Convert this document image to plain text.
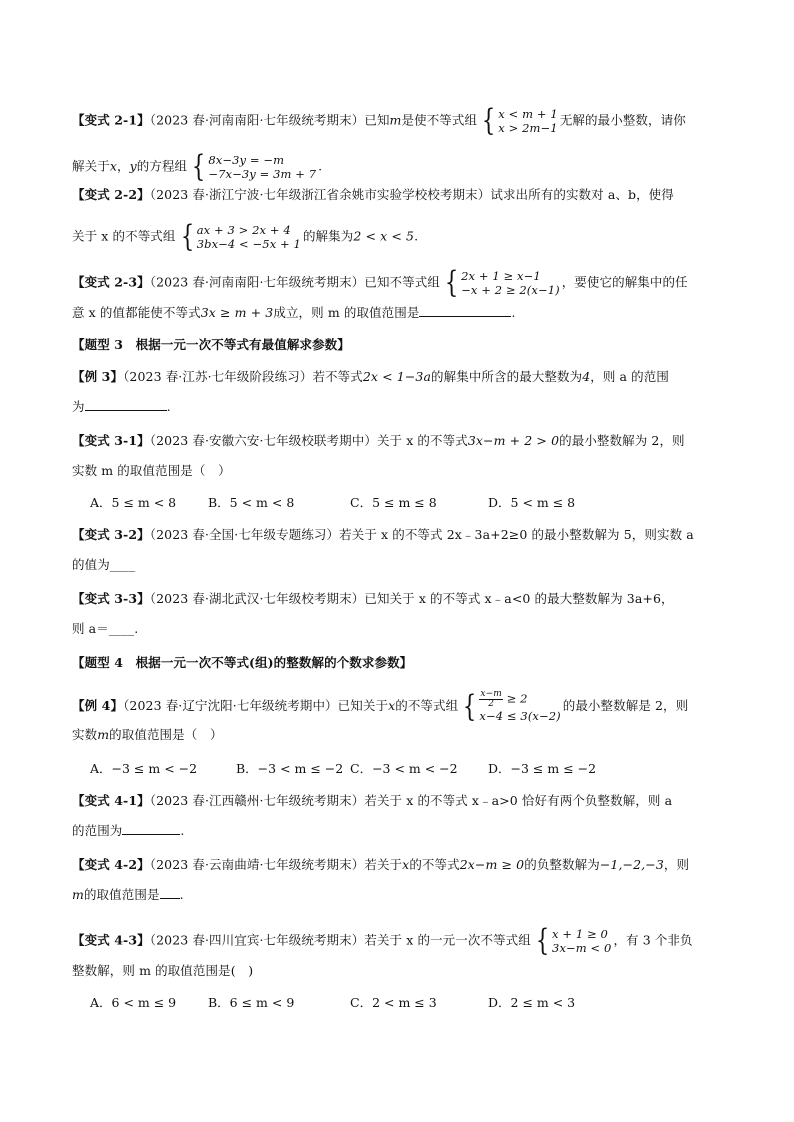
【变式 2-1】（2023 春·河南南阳·七年级统考期末）已知m是使不等式组 { x < m + 1
x > 2m−1
无解的最小整数，请你
解关于x，y的方程组 { 8x−3y = −m
−7x−3y = 3m + 7
.
【变式 2-2】（2023 春·浙江宁波·七年级浙江省余姚市实验学校校考期末）试求出所有的实数对 a、b，使得
关于 x 的不等式组 { ax + 3 > 2x + 4
3bx−4 < −5x + 1
的解集为2 < x < 5.
【变式 2-3】（2023 春·河南南阳·七年级统考期末）已知不等式组 { 2x + 1 ≥ x−1
−x + 2 ≥ 2(x−1)
，要使它的解集中的任
意 x 的值都能使不等式3x ≥ m + 3成立，则 m 的取值范围是	.
【题型 3　根据一元一次不等式有最值解求参数】
【例 3】（2023 春·江苏·七年级阶段练习）若不等式2x < 1−3a的解集中所含的最大整数为4，则 a 的范围
为	.
【变式 3-1】（2023 春·安徽六安·七年级校联考期中）关于 x 的不等式3x−m + 2 > 0的最小整数解为 2，则
实数 m 的取值范围是（　）
A．5 ≤ m < 8	B．5 < m < 8	C．5 ≤ m ≤ 8	D．5 < m ≤ 8
【变式 3-2】（2023 春·全国·七年级专题练习）若关于 x 的不等式 2x﹣3a+2≥0 的最小整数解为 5，则实数 a
的值为____
【变式 3-3】（2023 春·湖北武汉·七年级校考期末）已知关于 x 的不等式 x﹣a<0 的最大整数解为 3a+6，
则 a＝____.
【题型 4　根据一元一次不等式(组)的整数解的个数求参数】
【例 4】（2023 春·辽宁沈阳·七年级统考期中）已知关于x的不等式组 { $\frac{x-m}{2} \ge 2$
x−4 ≤ 3(x−2)
的最小整数解是 2，则
实数m的取值范围是（　）
A．−3 ≤ m < −2	B．−3 < m ≤ −2 C．−3 < m < −2 D．−3 ≤ m ≤ −2
【变式 4-1】（2023 春·江西赣州·七年级统考期末）若关于 x 的不等式 x﹣a>0 恰好有两个负整数解，则 a
的范围为	.
【变式 4-2】（2023 春·云南曲靖·七年级统考期末）若关于x的不等式2x−m ≥ 0的负整数解为−1,−2,−3，则
m的取值范围是 .
【变式 4-3】（2023 春·四川宜宾·七年级统考期末）若关于 x 的一元一次不等式组 { x + 1 ≥ 0
3x−m < 0
，有 3 个非负
整数解，则 m 的取值范围是(　)
A．6 < m ≤ 9	B．6 ≤ m < 9	C．2 < m ≤ 3	D．2 ≤ m < 3
